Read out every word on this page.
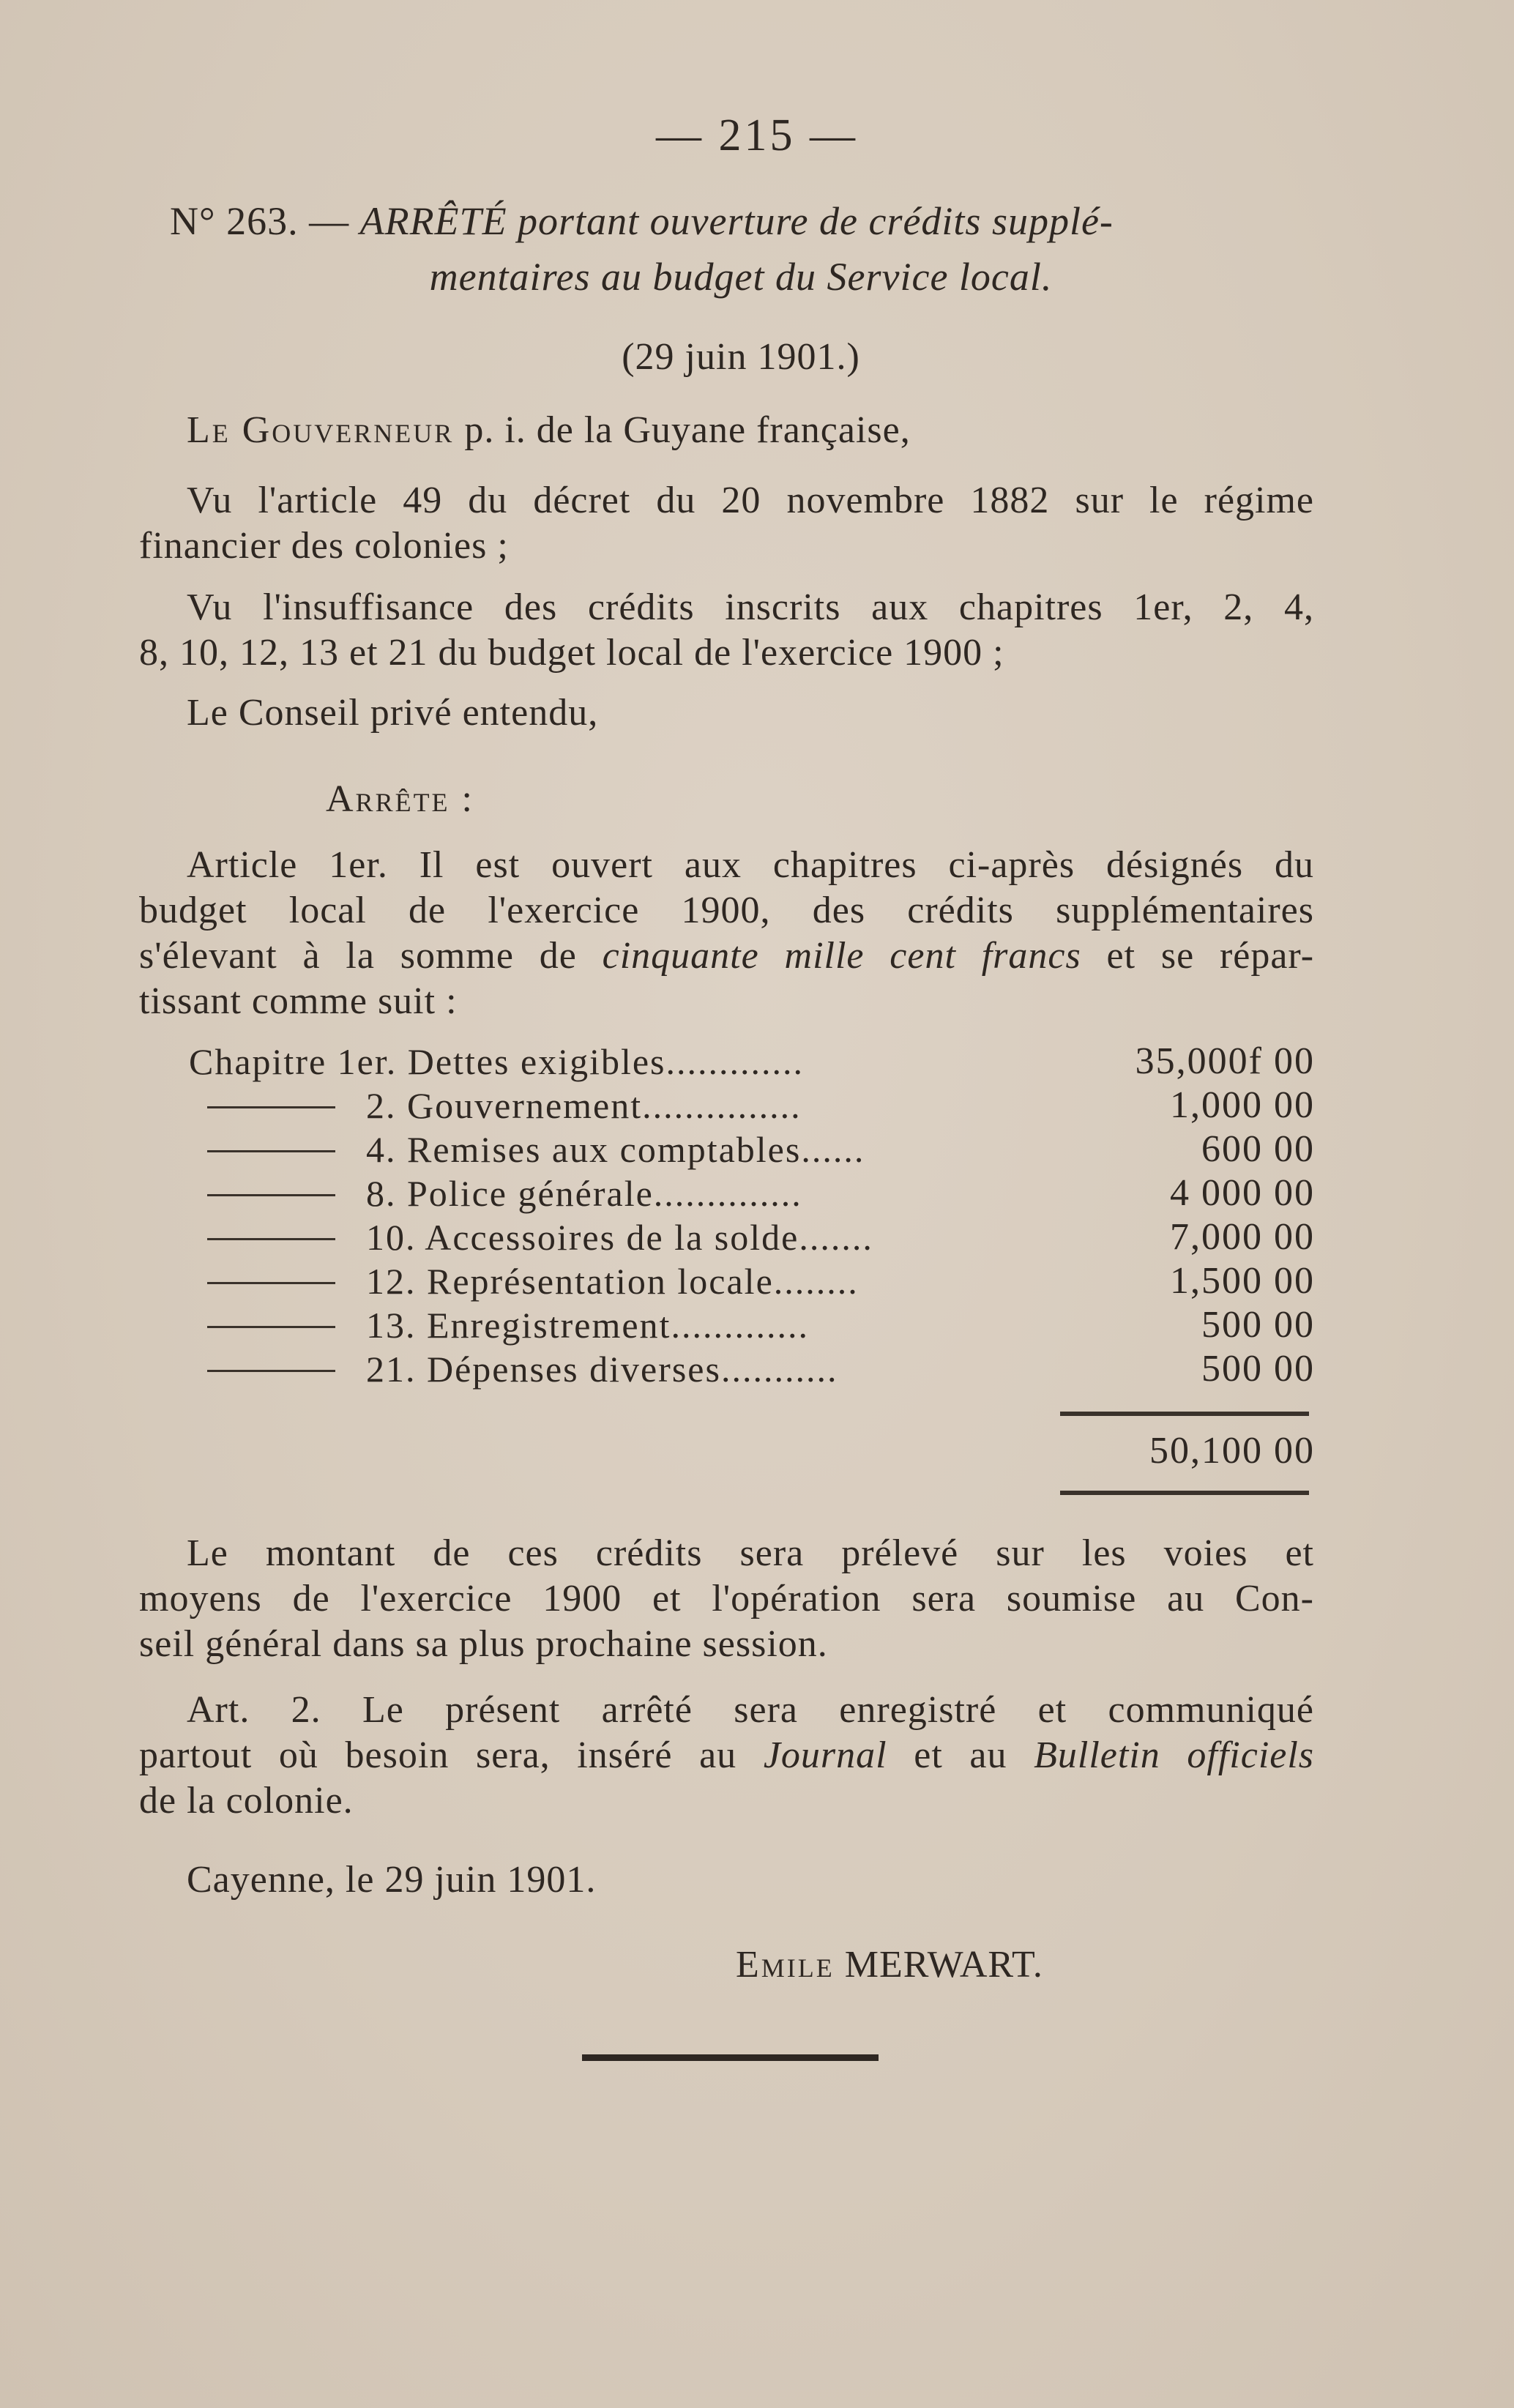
— 215 —
N° 263. — ARRÊTÉ portant ouverture de crédits supplé-
mentaires au budget du Service local.
(29 juin 1901.)
Le Gouverneur p. i. de la Guyane française,
Vu l'article 49 du décret du 20 novembre 1882 sur le régime
financier des colonies ;
Vu l'insuffisance des crédits inscrits aux chapitres 1er, 2, 4,
8, 10, 12, 13 et 21 du budget local de l'exercice 1900 ;
Le Conseil privé entendu,
Arrête :
Article 1er. Il est ouvert aux chapitres ci-après désignés du
budget local de l'exercice 1900, des crédits supplémentaires
s'élevant à la somme de cinquante mille cent francs et se répar-
tissant comme suit :
Chapitre 1er. Dettes exigibles.............	35,000f 00
2. Gouvernement...............	1,000 00
4. Remises aux comptables......	600 00
8. Police générale..............	4 000 00
10. Accessoires de la solde.......	7,000 00
12. Représentation locale........	1,500 00
13. Enregistrement.............	500 00
21. Dépenses diverses...........	500 00
50,100 00
Le montant de ces crédits sera prélevé sur les voies et
moyens de l'exercice 1900 et l'opération sera soumise au Con-
seil général dans sa plus prochaine session.
Art. 2. Le présent arrêté sera enregistré et communiqué
partout où besoin sera, inséré au Journal et au Bulletin officiels
de la colonie.
Cayenne, le 29 juin 1901.
Emile MERWART.
